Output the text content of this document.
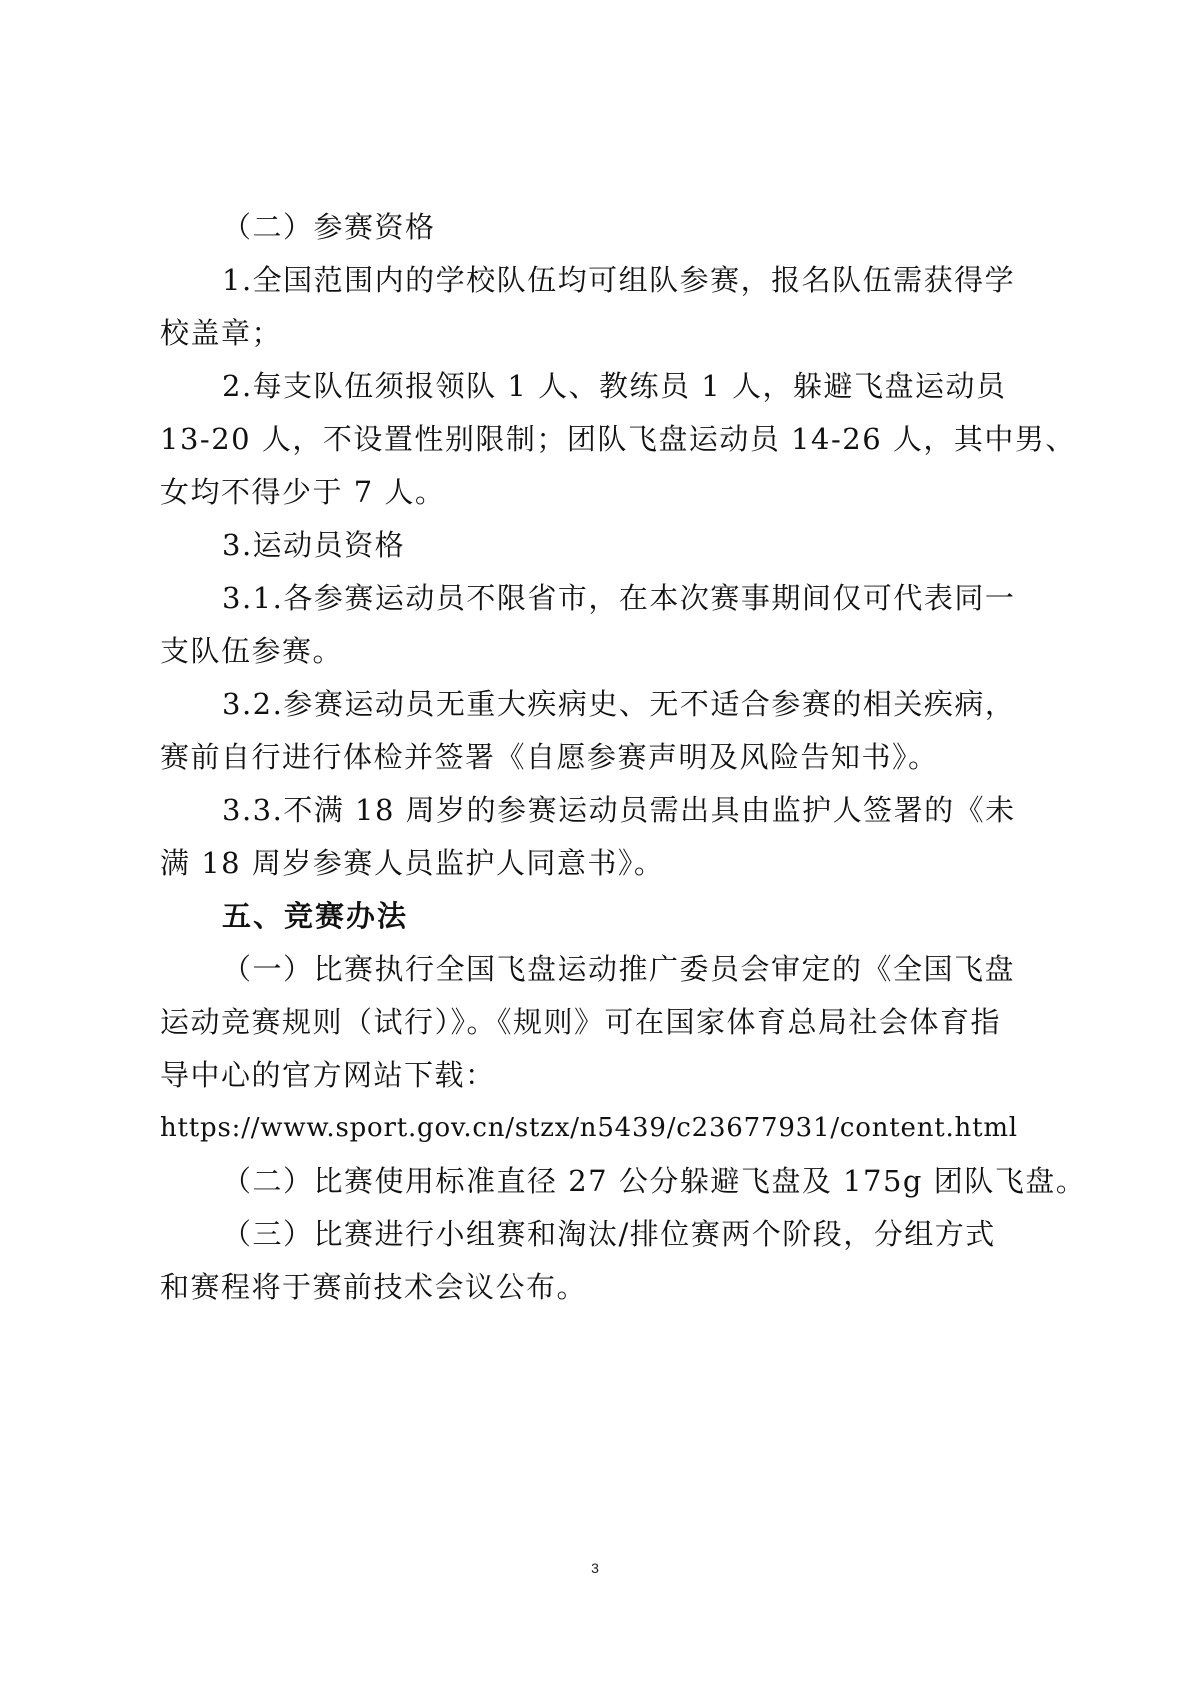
（二）参赛资格
1.全国范围内的学校队伍均可组队参赛，报名队伍需获得学
校盖章；
2.每支队伍须报领队 1 人、教练员 1 人，躲避飞盘运动员
13-20 人，不设置性别限制；团队飞盘运动员 14-26 人，其中男、
女均不得少于 7 人。
3.运动员资格
3.1.各参赛运动员不限省市，在本次赛事期间仅可代表同一
支队伍参赛。
3.2.参赛运动员无重大疾病史、无不适合参赛的相关疾病，
赛前自行进行体检并签署《自愿参赛声明及风险告知书》。
3.3.不满 18 周岁的参赛运动员需出具由监护人签署的《未
满 18 周岁参赛人员监护人同意书》。
五、竞赛办法
（一）比赛执行全国飞盘运动推广委员会审定的《全国飞盘
运动竞赛规则（试行）》。《规则》可在国家体育总局社会体育指
导中心的官方网站下载：
https://www.sport.gov.cn/stzx/n5439/c23677931/content.html
（二）比赛使用标准直径 27 公分躲避飞盘及 175g 团队飞盘。
（三）比赛进行小组赛和淘汰/排位赛两个阶段，分组方式
和赛程将于赛前技术会议公布。
3
